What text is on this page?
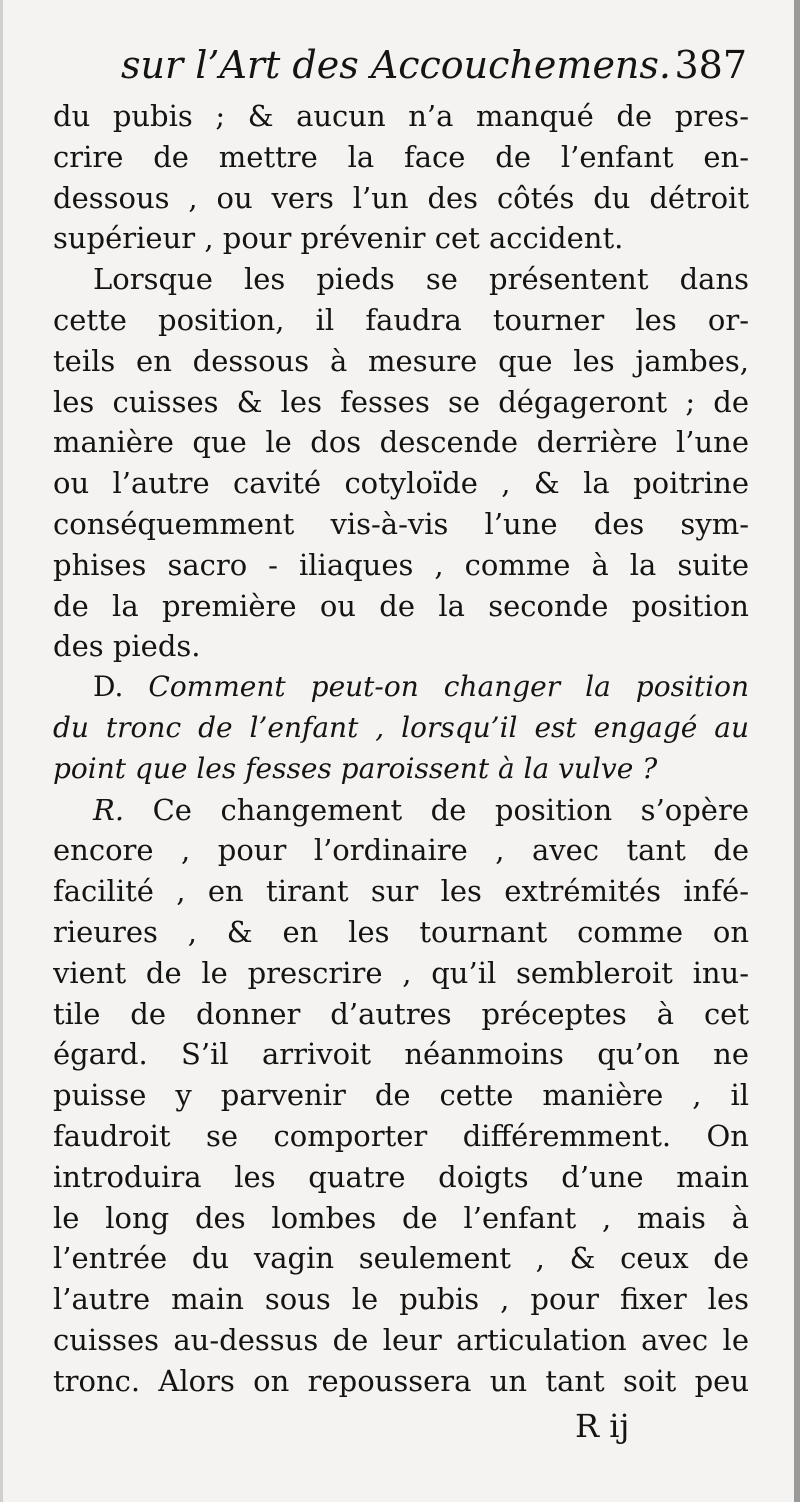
sur l’Art des Accouchemens. 387
du pubis ; & aucun n’a manqué de pres-
crire de mettre la face de l’enfant en-
dessous , ou vers l’un des côtés du détroit
supérieur , pour prévenir cet accident.
Lorsque les pieds se présentent dans
cette position, il faudra tourner les or-
teils en dessous à mesure que les jambes,
les cuisses & les fesses se dégageront ; de
manière que le dos descende derrière l’une
ou l’autre cavité cotyloïde , & la poitrine
conséquemment vis-à-vis l’une des sym-
phises sacro - iliaques , comme à la suite
de la première ou de la seconde position
des pieds.
D. Comment peut-on changer la position
du tronc de l’enfant , lorsqu’il est engagé au
point que les fesses paroissent à la vulve ?
R. Ce changement de position s’opère
encore , pour l’ordinaire , avec tant de
facilité , en tirant sur les extrémités infé-
rieures , & en les tournant comme on
vient de le prescrire , qu’il sembleroit inu-
tile de donner d’autres préceptes à cet
égard. S’il arrivoit néanmoins qu’on ne
puisse y parvenir de cette manière , il
faudroit se comporter différemment. On
introduira les quatre doigts d’une main
le long des lombes de l’enfant , mais à
l’entrée du vagin seulement , & ceux de
l’autre main sous le pubis , pour fixer les
cuisses au-dessus de leur articulation avec le
tronc. Alors on repoussera un tant soit peu
R ij
